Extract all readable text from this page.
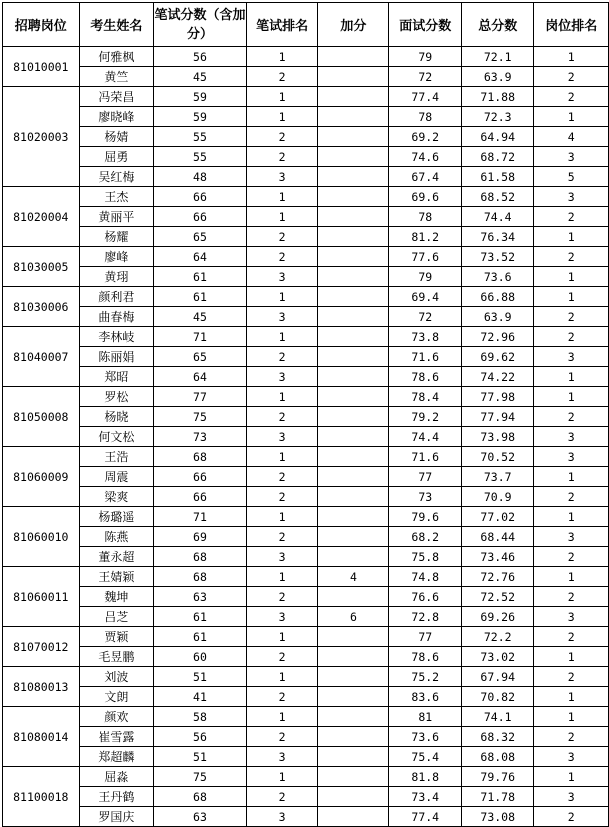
招聘岗位	考生姓名	笔试分数（含加分）	笔试排名	加分	面试分数	总分数	岗位排名
81010001	何雅枫	56	1		79	72.1	1
	黄竺	45	2		72	63.9	2
81020003	冯荣昌	59	1		77.4	71.88	2
	廖晓峰	59	1		78	72.3	1
	杨婧	55	2		69.2	64.94	4
	屈勇	55	2		74.6	68.72	3
	吴红梅	48	3		67.4	61.58	5
81020004	王杰	66	1		69.6	68.52	3
	黄丽平	66	1		78	74.4	2
	杨耀	65	2		81.2	76.34	1
81030005	廖峰	64	2		77.6	73.52	2
	黄珝	61	3		79	73.6	1
81030006	颜利君	61	1		69.4	66.88	1
	曲春梅	45	3		72	63.9	2
81040007	李林岐	71	1		73.8	72.96	2
	陈丽娟	65	2		71.6	69.62	3
	郑昭	64	3		78.6	74.22	1
81050008	罗松	77	1		78.4	77.98	1
	杨晓	75	2		79.2	77.94	2
	何文松	73	3		74.4	73.98	3
81060009	王浩	68	1		71.6	70.52	3
	周震	66	2		77	73.7	1
	梁爽	66	2		73	70.9	2
81060010	杨璐遥	71	1		79.6	77.02	1
	陈燕	69	2		68.2	68.44	3
	董永超	68	3		75.8	73.46	2
81060011	王婧颖	68	1	4	74.8	72.76	1
	魏坤	63	2		76.6	72.52	2
	吕芝	61	3	6	72.8	69.26	3
81070012	贾颖	61	1		77	72.2	2
	毛昱鹏	60	2		78.6	73.02	1
81080013	刘波	51	1		75.2	67.94	2
	文朗	41	2		83.6	70.82	1
81080014	颜欢	58	1		81	74.1	1
	崔雪露	56	2		73.6	68.32	2
	郑超麟	51	3		75.4	68.08	3
81100018	屈淼	75	1		81.8	79.76	1
	王丹鹤	68	2		73.4	71.78	3
	罗国庆	63	3		77.4	73.08	2
